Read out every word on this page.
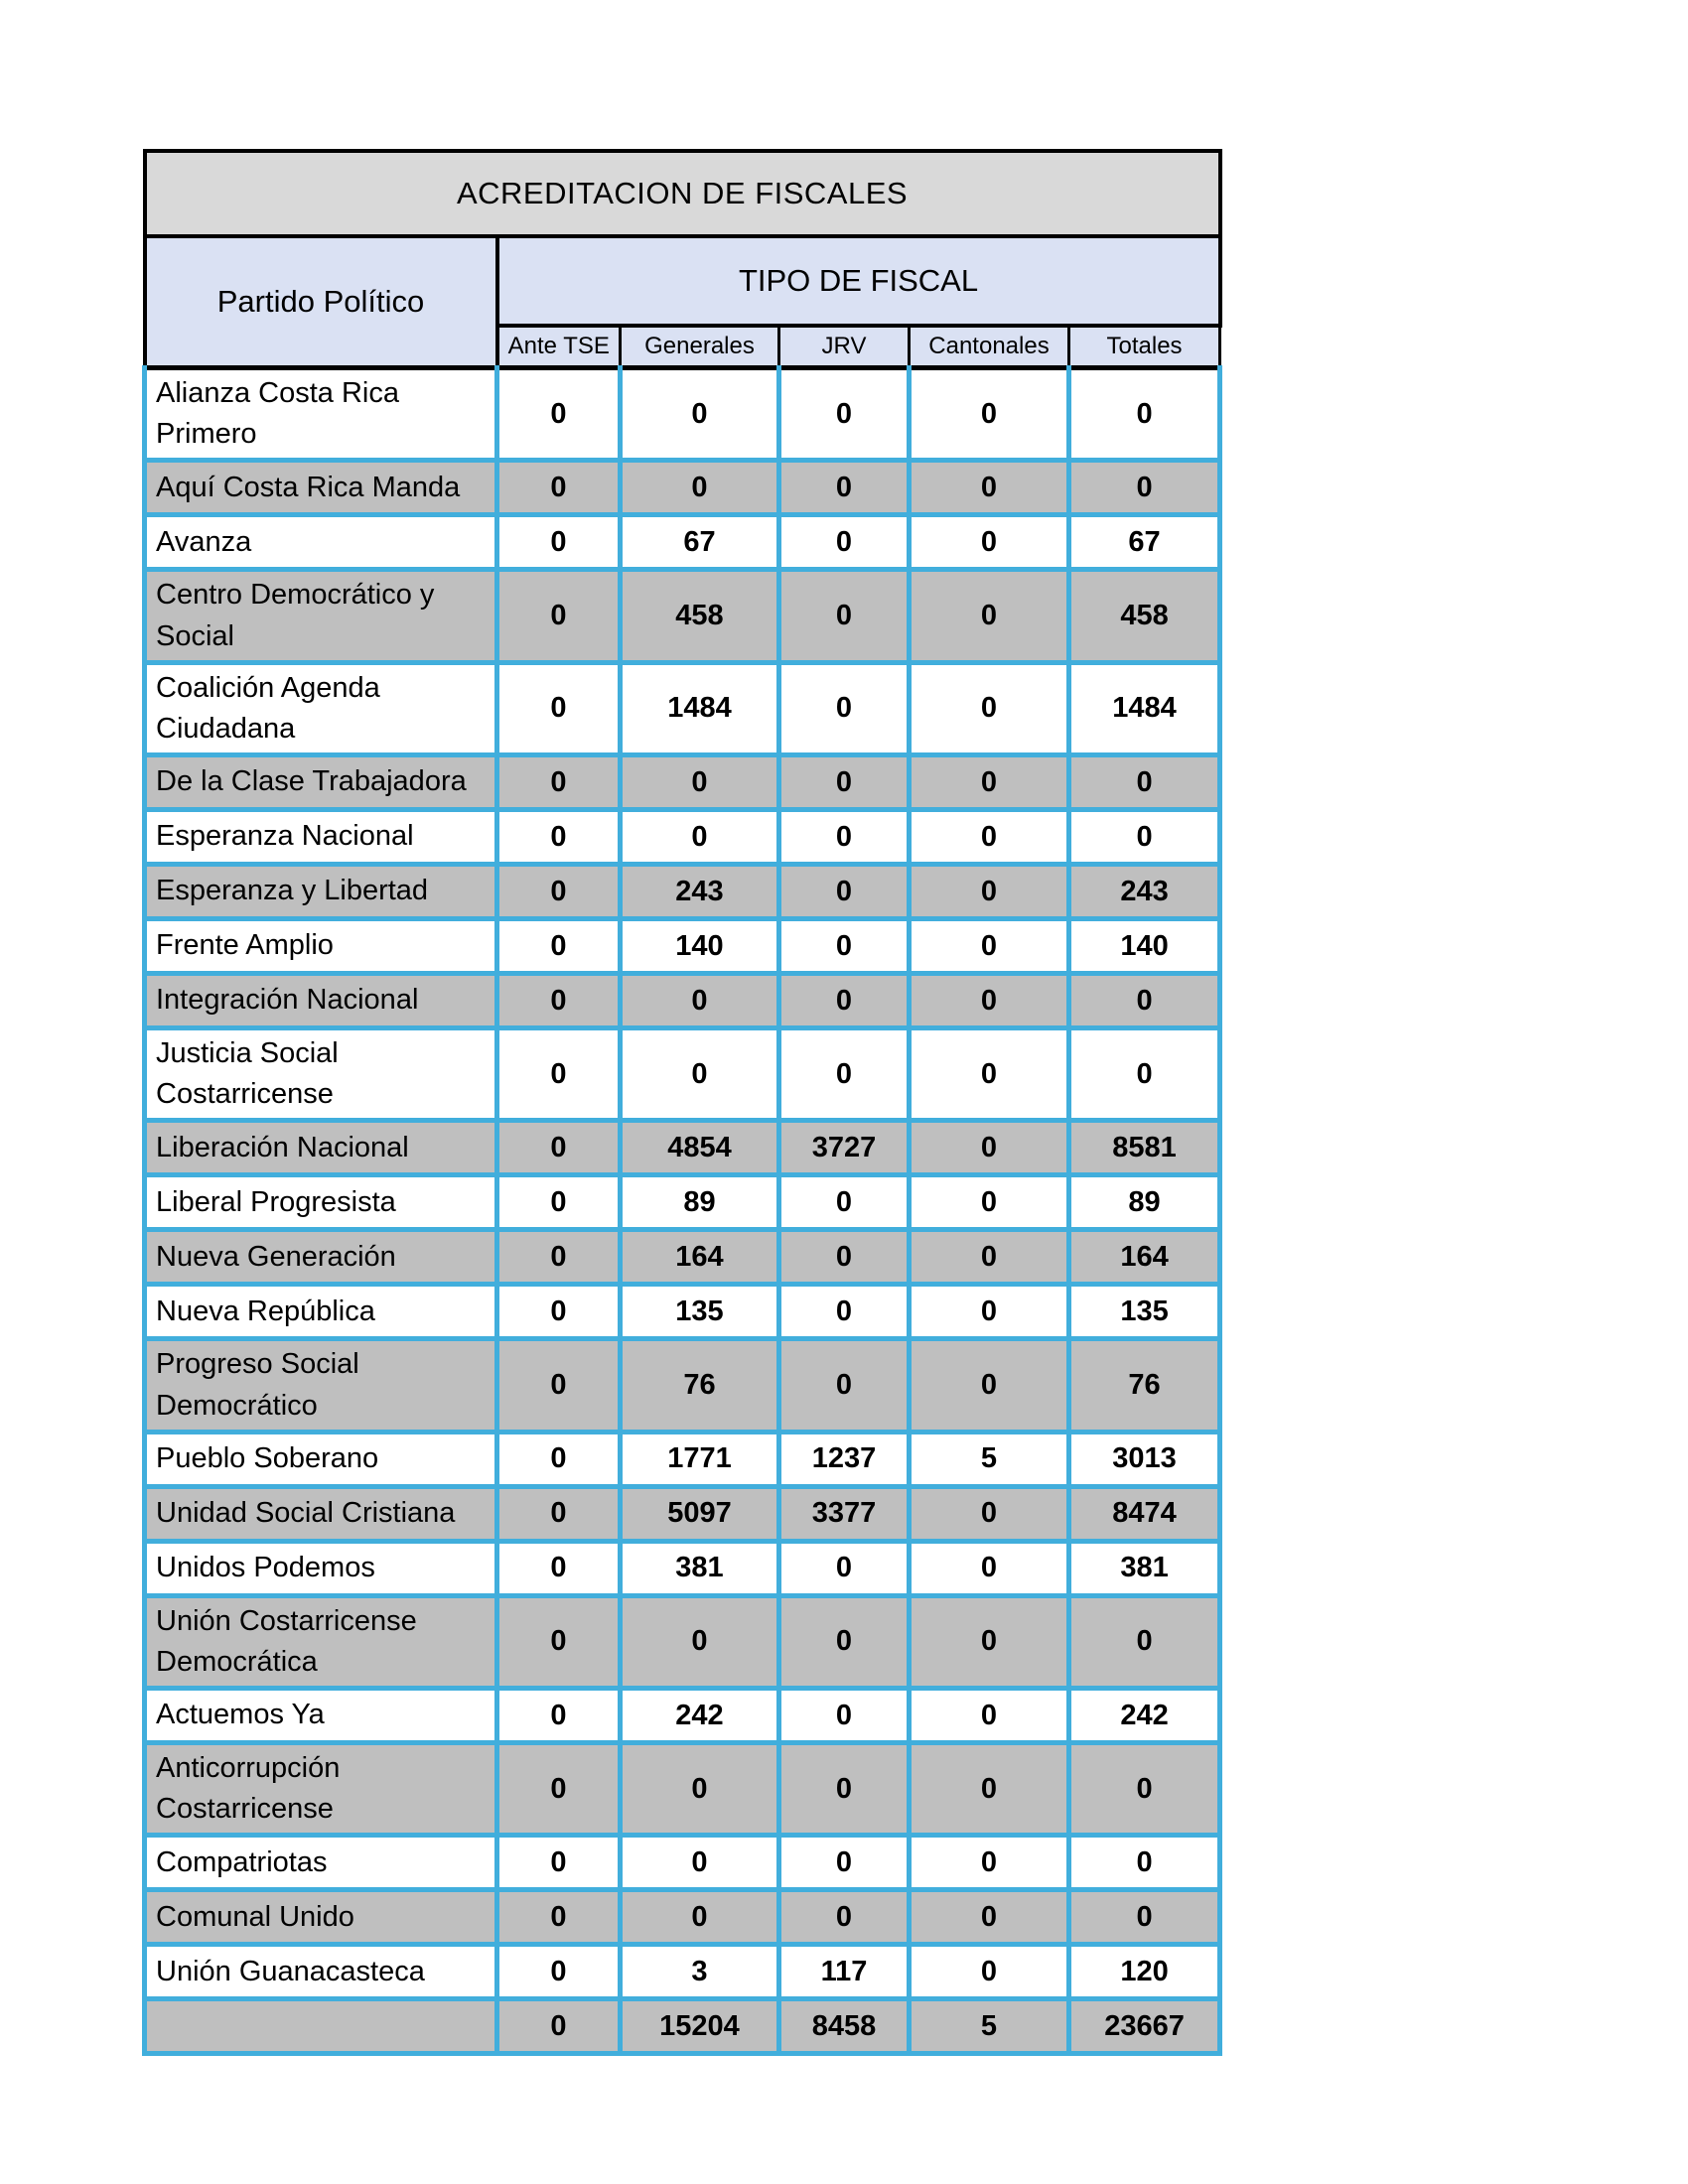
ACREDITACION DE FISCALES					
Partido Político	TIPO DE FISCAL				
	Ante TSE	Generales	JRV	Cantonales	Totales
Alianza Costa Rica Primero	0	0	0	0	0
Aquí Costa Rica Manda	0	0	0	0	0
Avanza	0	67	0	0	67
Centro Democrático y Social	0	458	0	0	458
Coalición Agenda Ciudadana	0	1484	0	0	1484
De la Clase Trabajadora	0	0	0	0	0
Esperanza Nacional	0	0	0	0	0
Esperanza y Libertad	0	243	0	0	243
Frente Amplio	0	140	0	0	140
Integración Nacional	0	0	0	0	0
Justicia Social Costarricense	0	0	0	0	0
Liberación Nacional	0	4854	3727	0	8581
Liberal Progresista	0	89	0	0	89
Nueva Generación	0	164	0	0	164
Nueva República	0	135	0	0	135
Progreso Social Democrático	0	76	0	0	76
Pueblo Soberano	0	1771	1237	5	3013
Unidad Social Cristiana	0	5097	3377	0	8474
Unidos Podemos	0	381	0	0	381
Unión Costarricense Democrática	0	0	0	0	0
Actuemos Ya	0	242	0	0	242
Anticorrupción Costarricense	0	0	0	0	0
Compatriotas	0	0	0	0	0
Comunal Unido	0	0	0	0	0
Unión Guanacasteca	0	3	117	0	120
	0	15204	8458	5	23667
